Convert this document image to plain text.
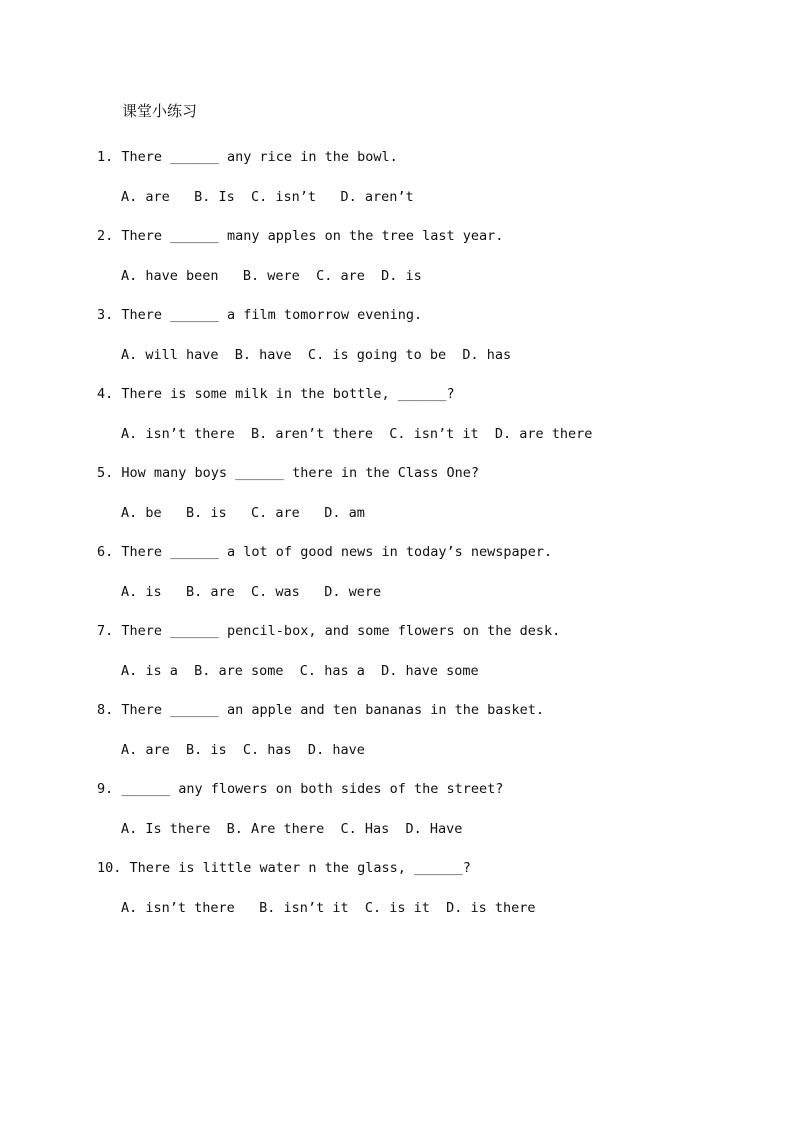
课堂小练习
1. There ______ any rice in the bowl.
A. are   B. Is  C. isn’t   D. aren’t
2. There ______ many apples on the tree last year.
A. have been   B. were  C. are  D. is
3. There ______ a film tomorrow evening.
A. will have  B. have  C. is going to be  D. has
4. There is some milk in the bottle, ______?
A. isn’t there  B. aren’t there  C. isn’t it  D. are there
5. How many boys ______ there in the Class One?
A. be   B. is   C. are   D. am
6. There ______ a lot of good news in today’s newspaper.
A. is   B. are  C. was   D. were
7. There ______ pencil-box, and some flowers on the desk.
A. is a  B. are some  C. has a  D. have some
8. There ______ an apple and ten bananas in the basket.
A. are  B. is  C. has  D. have
9. ______ any flowers on both sides of the street?
A. Is there  B. Are there  C. Has  D. Have
10. There is little water n the glass, ______?
A. isn’t there   B. isn’t it  C. is it  D. is there
